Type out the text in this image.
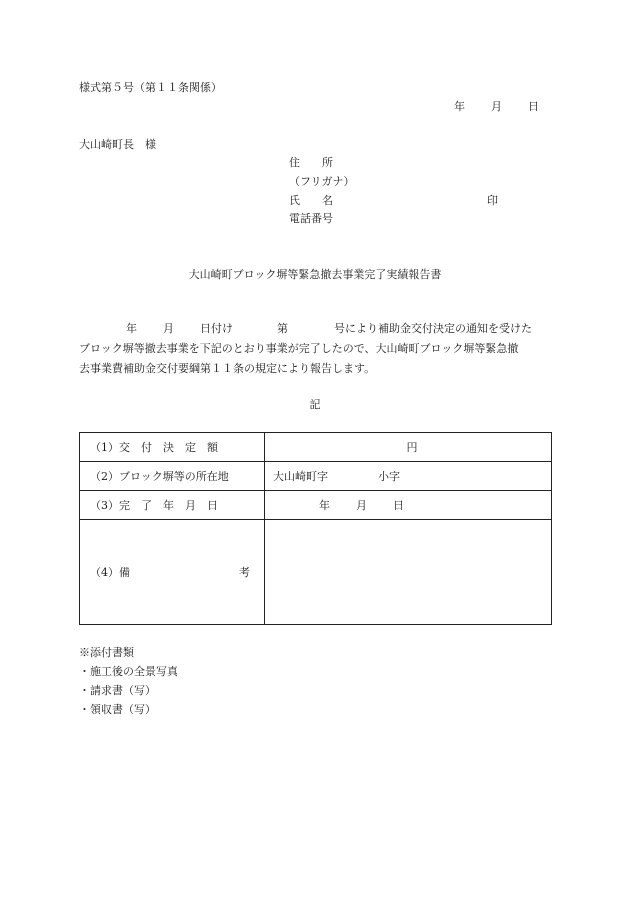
様式第５号（第１１条関係）
年 月 日
大山崎町長　様
住　　所
（フリガナ）
氏　　名	印
電話番号
大山崎町ブロック塀等緊急撤去事業完了実績報告書
年 月 日付け	第	号により補助金交付決定の通知を受けた
ブロック塀等撤去事業を下記のとおり事業が完了したので、大山崎町ブロック塀等緊急撤
去事業費補助金交付要綱第１１条の規定により報告します。
記
（1）交　付　決　定　額	円
（2）ブロック塀等の所在地	大山崎町字 小字
（3）完　了　年　月　日	年 月 日

（4）備 考	

※添付書類
・施工後の全景写真
・請求書（写）
・領収書（写）
